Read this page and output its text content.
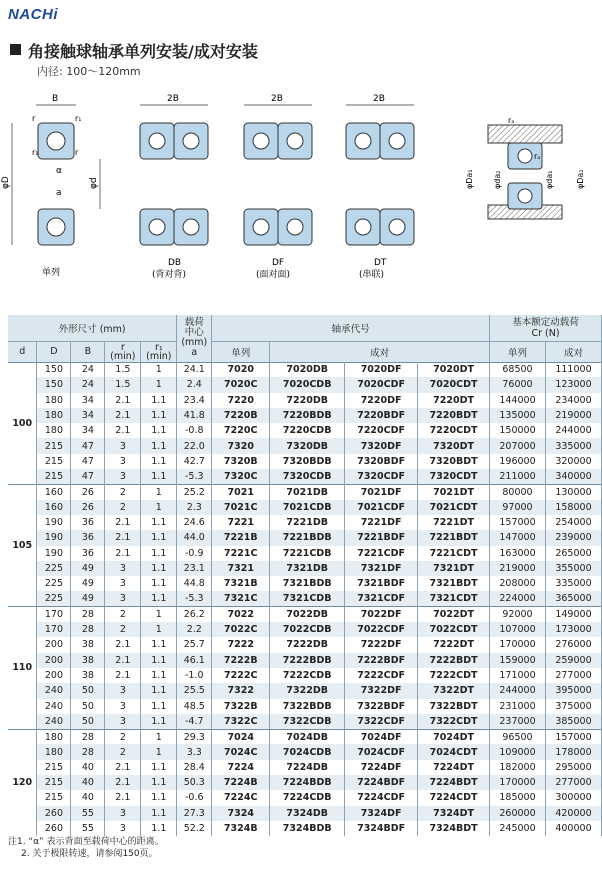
NACHi
角接触球轴承单列安装/成对安装
内径: 100～120mm
B
φD	φd
r	r₁
r₁	r
α
a
单列
2B
DB
(背对背)
2B
DF
(面对面)
2B
DT
(串联)
rₐ
rₐ
φDa₁ φda₂	φda₁	φDa₂
外形尺寸 (mm)					载荷
中心
(mm) a	轴承代号				基本额定动载荷
Cr (N)	
d	D	B	r
(min)	r₁
(min)		单列	成对			单列	成对
100	150	24	1.5	1	24.1	7020	7020DB	7020DF	7020DT	68500	111000
	150	24	1.5	1	2.4	7020C	7020CDB	7020CDF	7020CDT	76000	123000
	180	34	2.1	1.1	23.4	7220	7220DB	7220DF	7220DT	144000	234000
	180	34	2.1	1.1	41.8	7220B	7220BDB	7220BDF	7220BDT	135000	219000
	180	34	2.1	1.1	-0.8	7220C	7220CDB	7220CDF	7220CDT	150000	244000
	215	47	3	1.1	22.0	7320	7320DB	7320DF	7320DT	207000	335000
	215	47	3	1.1	42.7	7320B	7320BDB	7320BDF	7320BDT	196000	320000
	215	47	3	1.1	-5.3	7320C	7320CDB	7320CDF	7320CDT	211000	340000
105	160	26	2	1	25.2	7021	7021DB	7021DF	7021DT	80000	130000
	160	26	2	1	2.3	7021C	7021CDB	7021CDF	7021CDT	97000	158000
	190	36	2.1	1.1	24.6	7221	7221DB	7221DF	7221DT	157000	254000
	190	36	2.1	1.1	44.0	7221B	7221BDB	7221BDF	7221BDT	147000	239000
	190	36	2.1	1.1	-0.9	7221C	7221CDB	7221CDF	7221CDT	163000	265000
	225	49	3	1.1	23.1	7321	7321DB	7321DF	7321DT	219000	355000
	225	49	3	1.1	44.8	7321B	7321BDB	7321BDF	7321BDT	208000	335000
	225	49	3	1.1	-5.3	7321C	7321CDB	7321CDF	7321CDT	224000	365000
110	170	28	2	1	26.2	7022	7022DB	7022DF	7022DT	92000	149000
	170	28	2	1	2.2	7022C	7022CDB	7022CDF	7022CDT	107000	173000
	200	38	2.1	1.1	25.7	7222	7222DB	7222DF	7222DT	170000	276000
	200	38	2.1	1.1	46.1	7222B	7222BDB	7222BDF	7222BDT	159000	259000
	200	38	2.1	1.1	-1.0	7222C	7222CDB	7222CDF	7222CDT	171000	277000
	240	50	3	1.1	25.5	7322	7322DB	7322DF	7322DT	244000	395000
	240	50	3	1.1	48.5	7322B	7322BDB	7322BDF	7322BDT	231000	375000
	240	50	3	1.1	-4.7	7322C	7322CDB	7322CDF	7322CDT	237000	385000
120	180	28	2	1	29.3	7024	7024DB	7024DF	7024DT	96500	157000
	180	28	2	1	3.3	7024C	7024CDB	7024CDF	7024CDT	109000	178000
	215	40	2.1	1.1	28.4	7224	7224DB	7224DF	7224DT	182000	295000
	215	40	2.1	1.1	50.3	7224B	7224BDB	7224BDF	7224BDT	170000	277000
	215	40	2.1	1.1	-0.6	7224C	7224CDB	7224CDF	7224CDT	185000	300000
	260	55	3	1.1	27.3	7324	7324DB	7324DF	7324DT	260000	420000
	260	55	3	1.1	52.2	7324B	7324BDB	7324BDF	7324BDT	245000	400000
注1. “α” 表示背面至载荷中心的距离。
2. 关于极限转速，请参阅150页。
